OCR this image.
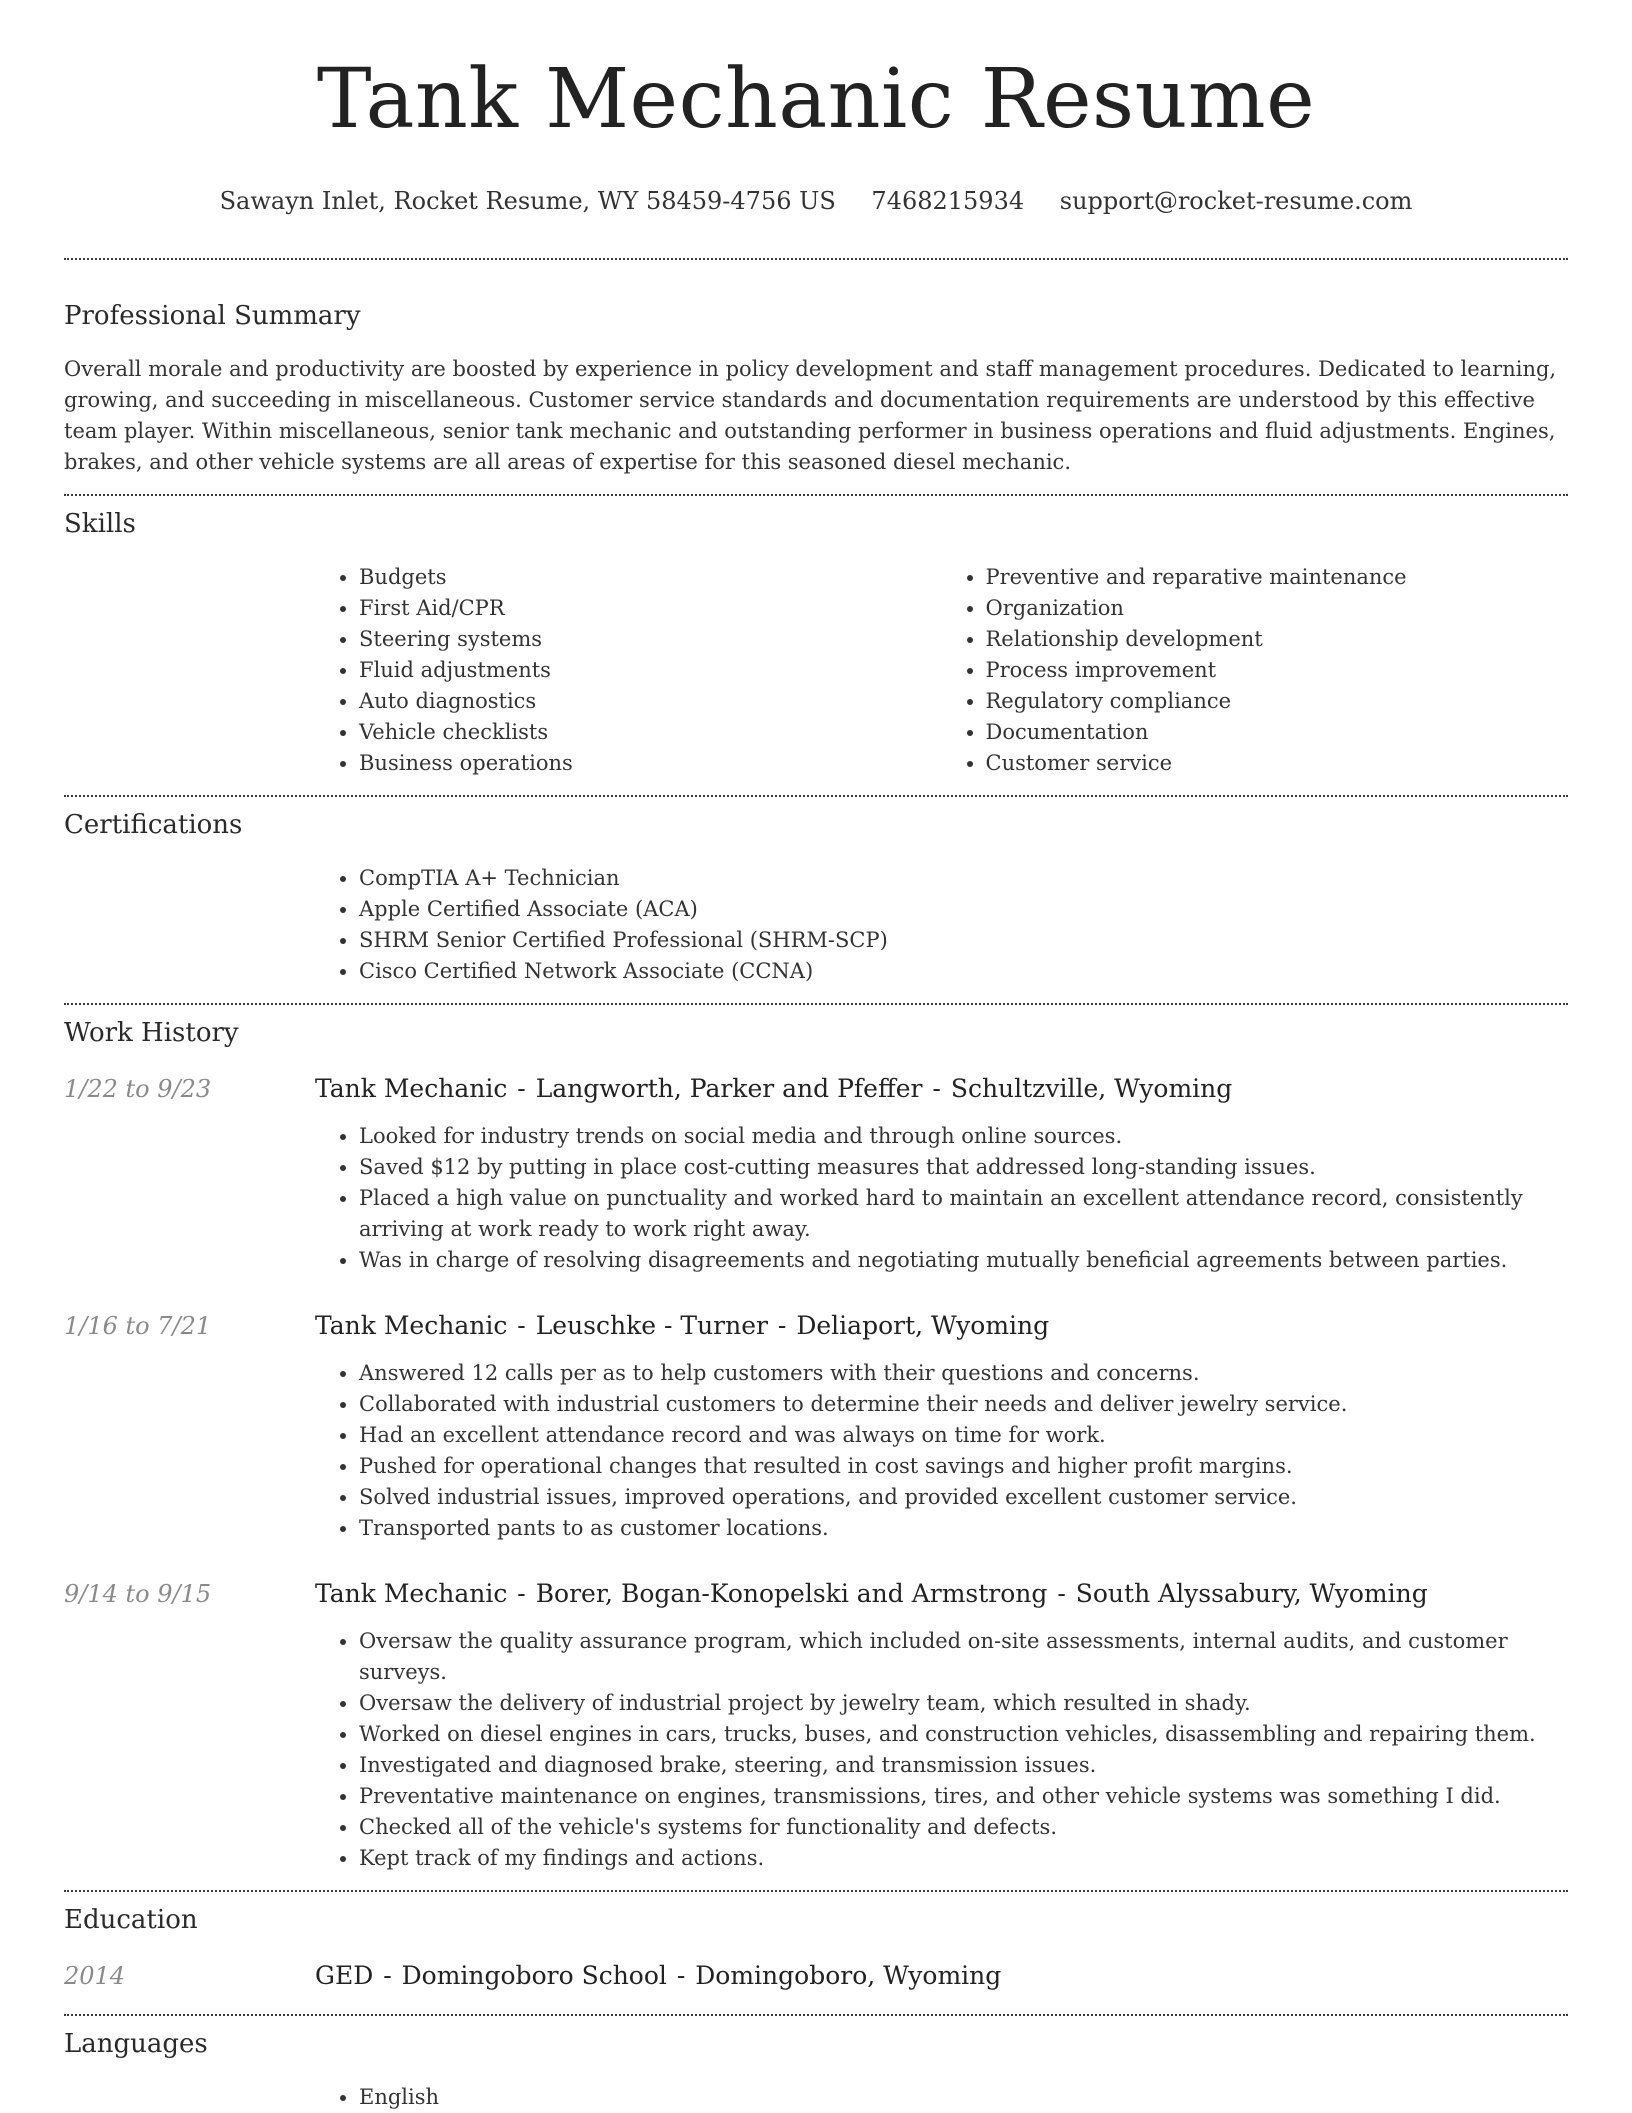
Tank Mechanic Resume
Sawayn Inlet, Rocket Resume, WY 58459-4756 US 7468215934 support@rocket-resume.com
Professional Summary

Overall morale and productivity are boosted by experience in policy development and staff management procedures. Dedicated to learning, growing, and succeeding in miscellaneous. Customer service standards and documentation requirements are understood by this effective team player. Within miscellaneous, senior tank mechanic and outstanding performer in business operations and fluid adjustments. Engines, brakes, and other vehicle systems are all areas of expertise for this seasoned diesel mechanic.

Skills
• Budgets
• First Aid/CPR
• Steering systems
• Fluid adjustments
• Auto diagnostics
• Vehicle checklists
• Business operations
• Preventive and reparative maintenance
• Organization
• Relationship development
• Process improvement
• Regulatory compliance
• Documentation
• Customer service
Certifications
• CompTIA A+ Technician
• Apple Certified Associate (ACA)
• SHRM Senior Certified Professional (SHRM-SCP)
• Cisco Certified Network Associate (CCNA)
Work History
1/22 to 9/23	Tank Mechanic - Langworth, Parker and Pfeffer - Schultzville, Wyoming
• Looked for industry trends on social media and through online sources.
• Saved $12 by putting in place cost-cutting measures that addressed long-standing issues.
• Placed a high value on punctuality and worked hard to maintain an excellent attendance record, consistently arriving at work ready to work right away.
• Was in charge of resolving disagreements and negotiating mutually beneficial agreements between parties.
1/16 to 7/21	Tank Mechanic - Leuschke - Turner - Deliaport, Wyoming
• Answered 12 calls per as to help customers with their questions and concerns.
• Collaborated with industrial customers to determine their needs and deliver jewelry service.
• Had an excellent attendance record and was always on time for work.
• Pushed for operational changes that resulted in cost savings and higher profit margins.
• Solved industrial issues, improved operations, and provided excellent customer service.
• Transported pants to as customer locations.
9/14 to 9/15	Tank Mechanic - Borer, Bogan-Konopelski and Armstrong - South Alyssabury, Wyoming
• Oversaw the quality assurance program, which included on-site assessments, internal audits, and customer surveys.
• Oversaw the delivery of industrial project by jewelry team, which resulted in shady.
• Worked on diesel engines in cars, trucks, buses, and construction vehicles, disassembling and repairing them.
• Investigated and diagnosed brake, steering, and transmission issues.
• Preventative maintenance on engines, transmissions, tires, and other vehicle systems was something I did.
• Checked all of the vehicle's systems for functionality and defects.
• Kept track of my findings and actions.
Education
2014	GED - Domingoboro School - Domingoboro, Wyoming
Languages
• English
